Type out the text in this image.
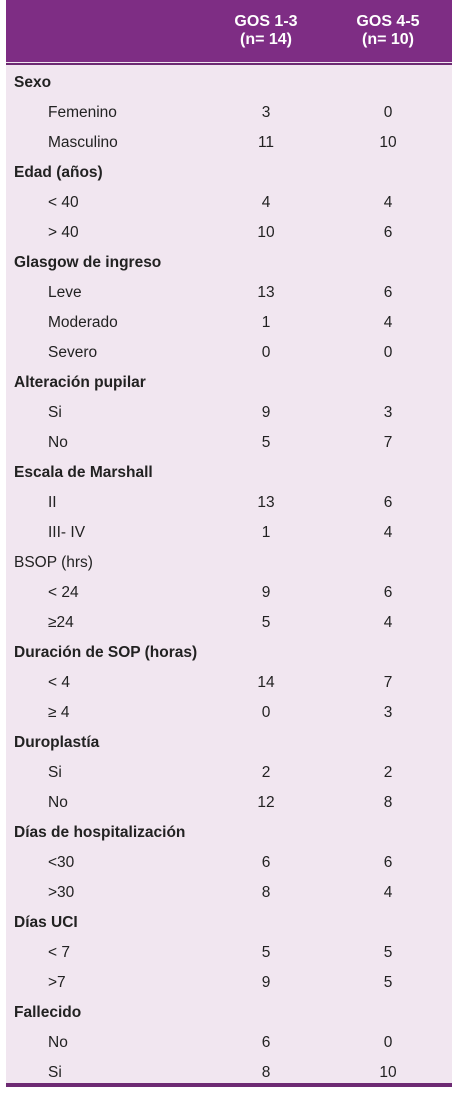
GOS 1-3
(n= 14)
GOS 4-5
(n= 10)
Sexo
Femenino	3	0
Masculino	11	10
Edad (años)
< 40	4	4
> 40	10	6
Glasgow de ingreso
Leve	13	6
Moderado	1	4
Severo	0	0
Alteración pupilar
Si	9	3
No	5	7
Escala de Marshall
II	13	6
III- IV	1	4
BSOP (hrs)
< 24	9	6
≥24	5	4
Duración de SOP (horas)
< 4	14	7
≥ 4	0	3
Duroplastía
Si	2	2
No	12	8
Días de hospitalización
<30	6	6
>30	8	4
Días UCI
< 7	5	5
>7	9	5
Fallecido
No	6	0
Si	8	10
